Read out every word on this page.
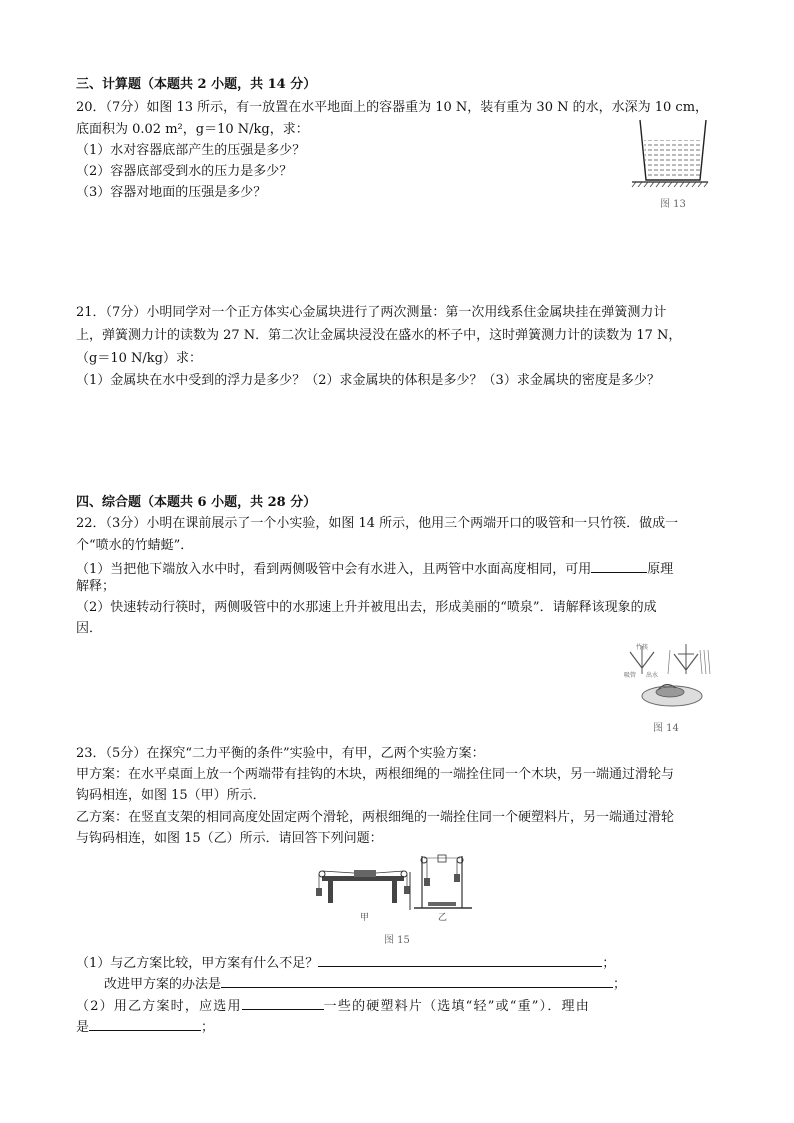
三、计算题（本题共 2 小题，共 14 分）
20．（7分）如图 13 所示，有一放置在水平地面上的容器重为 10 N，装有重为 30 N 的水，水深为 10 cm，
底面积为 0.02 m²，g＝10 N/kg，求：
（1）水对容器底部产生的压强是多少？
（2）容器底部受到水的压力是多少？
（3）容器对地面的压强是多少？
图 13
21．（7分）小明同学对一个正方体实心金属块进行了两次测量：第一次用线系住金属块挂在弹簧测力计
上，弹簧测力计的读数为 27 N．第二次让金属块浸没在盛水的杯子中，这时弹簧测力计的读数为 17 N，
（g＝10 N/kg）求：
（1）金属块在水中受到的浮力是多少？（2）求金属块的体积是多少？（3）求金属块的密度是多少？
四、综合题（本题共 6 小题，共 28 分）
22．（3分）小明在课前展示了一个小实验，如图 14 所示，他用三个两端开口的吸管和一只竹筷．做成一
个“喷水的竹蜻蜓”．
（1）当把他下端放入水中时，看到两侧吸管中会有水进入，且两管中水面高度相同，可用	原理
解释；
（2）快速转动行筷时，两侧吸管中的水那速上升并被甩出去，形成美丽的“喷泉”．请解释该现象的成
因．
竹筷
吸管 出水
图 14
23．（5分）在探究“二力平衡的条件”实验中，有甲，乙两个实验方案：
甲方案：在水平桌面上放一个两端带有挂钩的木块，两根细绳的一端拴住同一个木块，另一端通过滑轮与
钩码相连，如图 15（甲）所示．
乙方案：在竖直支架的相同高度处固定两个滑轮，两根细绳的一端拴住同一个硬塑料片，另一端通过滑轮
与钩码相连，如图 15（乙）所示．请回答下列问题：
甲	乙
图 15
（1）与乙方案比较，甲方案有什么不足？	；
改进甲方案的办法是	；
（2）用乙方案时，应选用	一些的硬塑料片（选填“轻”或“重”）．理由
是	；
